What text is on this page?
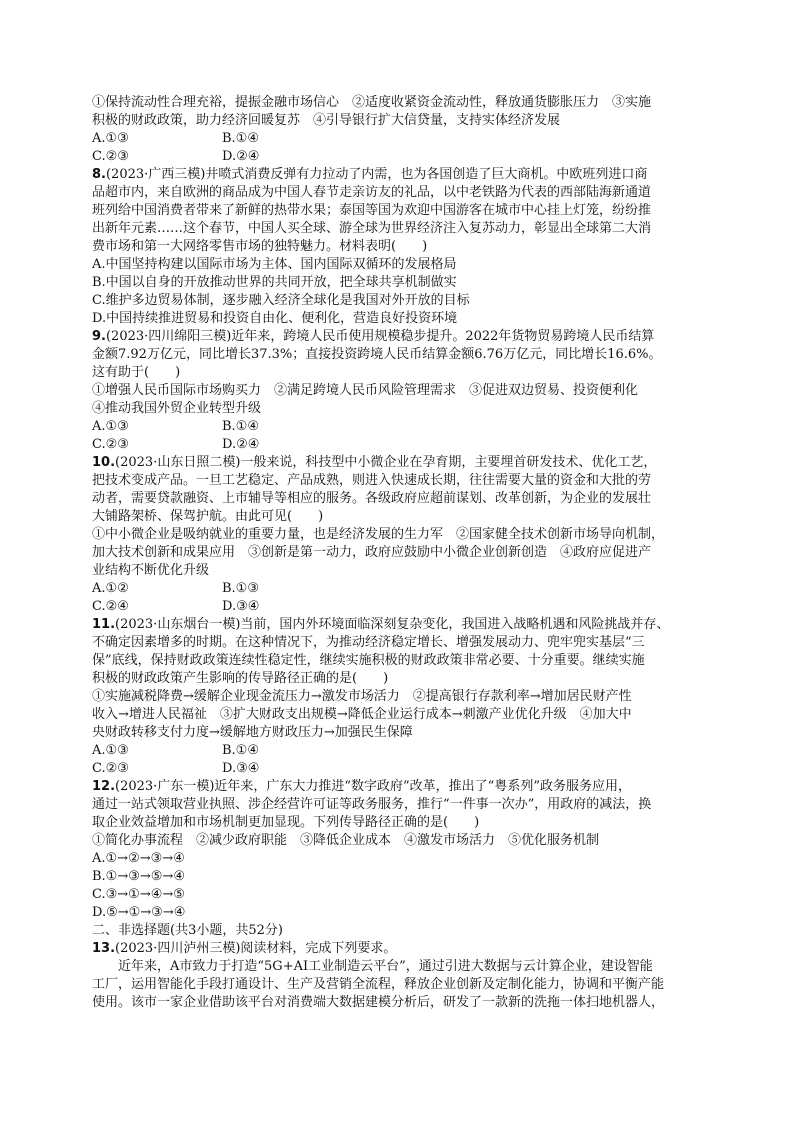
①保持流动性合理充裕，提振金融市场信心　②适度收紧资金流动性，释放通货膨胀压力　③实施

积极的财政政策，助力经济回暖复苏　④引导银行扩大信贷量，支持实体经济发展

A.①③	B.①④
C.②③	D.②④

8.(2023·广西三模)井喷式消费反弹有力拉动了内需，也为各国创造了巨大商机。中欧班列进口商

品超市内，来自欧洲的商品成为中国人春节走亲访友的礼品，以中老铁路为代表的西部陆海新通道

班列给中国消费者带来了新鲜的热带水果；泰国等国为欢迎中国游客在城市中心挂上灯笼，纷纷推

出新年元素……这个春节，中国人买全球、游全球为世界经济注入复苏动力，彰显出全球第二大消

费市场和第一大网络零售市场的独特魅力。材料表明(　　)

A.中国坚持构建以国际市场为主体、国内国际双循环的发展格局

B.中国以自身的开放推动世界的共同开放，把全球共享机制做实

C.维护多边贸易体制，逐步融入经济全球化是我国对外开放的目标

D.中国持续推进贸易和投资自由化、便利化，营造良好投资环境

9.(2023·四川绵阳三模)近年来，跨境人民币使用规模稳步提升。2022年货物贸易跨境人民币结算

金额7.92万亿元，同比增长37.3%；直接投资跨境人民币结算金额6.76万亿元，同比增长16.6%。

这有助于(　　)

①增强人民币国际市场购买力　②满足跨境人民币风险管理需求　③促进双边贸易、投资便利化

④推动我国外贸企业转型升级

A.①③	B.①④
C.②③	D.②④

10.(2023·山东日照二模)一般来说，科技型中小微企业在孕育期，主要埋首研发技术、优化工艺，

把技术变成产品。一旦工艺稳定、产品成熟，则进入快速成长期，往往需要大量的资金和大批的劳

动者，需要贷款融资、上市辅导等相应的服务。各级政府应超前谋划、改革创新，为企业的发展壮

大铺路架桥、保驾护航。由此可见(　　)

①中小微企业是吸纳就业的重要力量，也是经济发展的生力军　②国家健全技术创新市场导向机制，

加大技术创新和成果应用　③创新是第一动力，政府应鼓励中小微企业创新创造　④政府应促进产

业结构不断优化升级

A.①②	B.①③
C.②④	D.③④

11.(2023·山东烟台一模)当前，国内外环境面临深刻复杂变化，我国进入战略机遇和风险挑战并存、

不确定因素增多的时期。在这种情况下，为推动经济稳定增长、增强发展动力、兜牢兜实基层“三

保”底线，保持财政政策连续性稳定性，继续实施积极的财政政策非常必要、十分重要。继续实施

积极的财政政策产生影响的传导路径正确的是(　　)

①实施减税降费→缓解企业现金流压力→激发市场活力　②提高银行存款利率→增加居民财产性

收入→增进人民福祉　③扩大财政支出规模→降低企业运行成本→刺激产业优化升级　④加大中

央财政转移支付力度→缓解地方财政压力→加强民生保障

A.①③	B.①④
C.②③	D.③④

12.(2023·广东一模)近年来，广东大力推进“数字政府”改革，推出了“粤系列”政务服务应用，

通过一站式领取营业执照、涉企经营许可证等政务服务，推行“一件事一次办”，用政府的减法，换

取企业效益增加和市场机制更加显现。下列传导路径正确的是(　　)

①简化办事流程　②减少政府职能　③降低企业成本　④激发市场活力　⑤优化服务机制

A.①→②→③→④

B.①→③→⑤→④

C.③→①→④→⑤

D.⑤→①→③→④

二、非选择题(共3小题，共52分)

13.(2023·四川泸州三模)阅读材料，完成下列要求。

近年来，A市致力于打造“5G+AI工业制造云平台”，通过引进大数据与云计算企业，建设智能

工厂，运用智能化手段打通设计、生产及营销全流程，释放企业创新及定制化能力，协调和平衡产能

使用。该市一家企业借助该平台对消费端大数据建模分析后，研发了一款新的洗拖一体扫地机器人，
